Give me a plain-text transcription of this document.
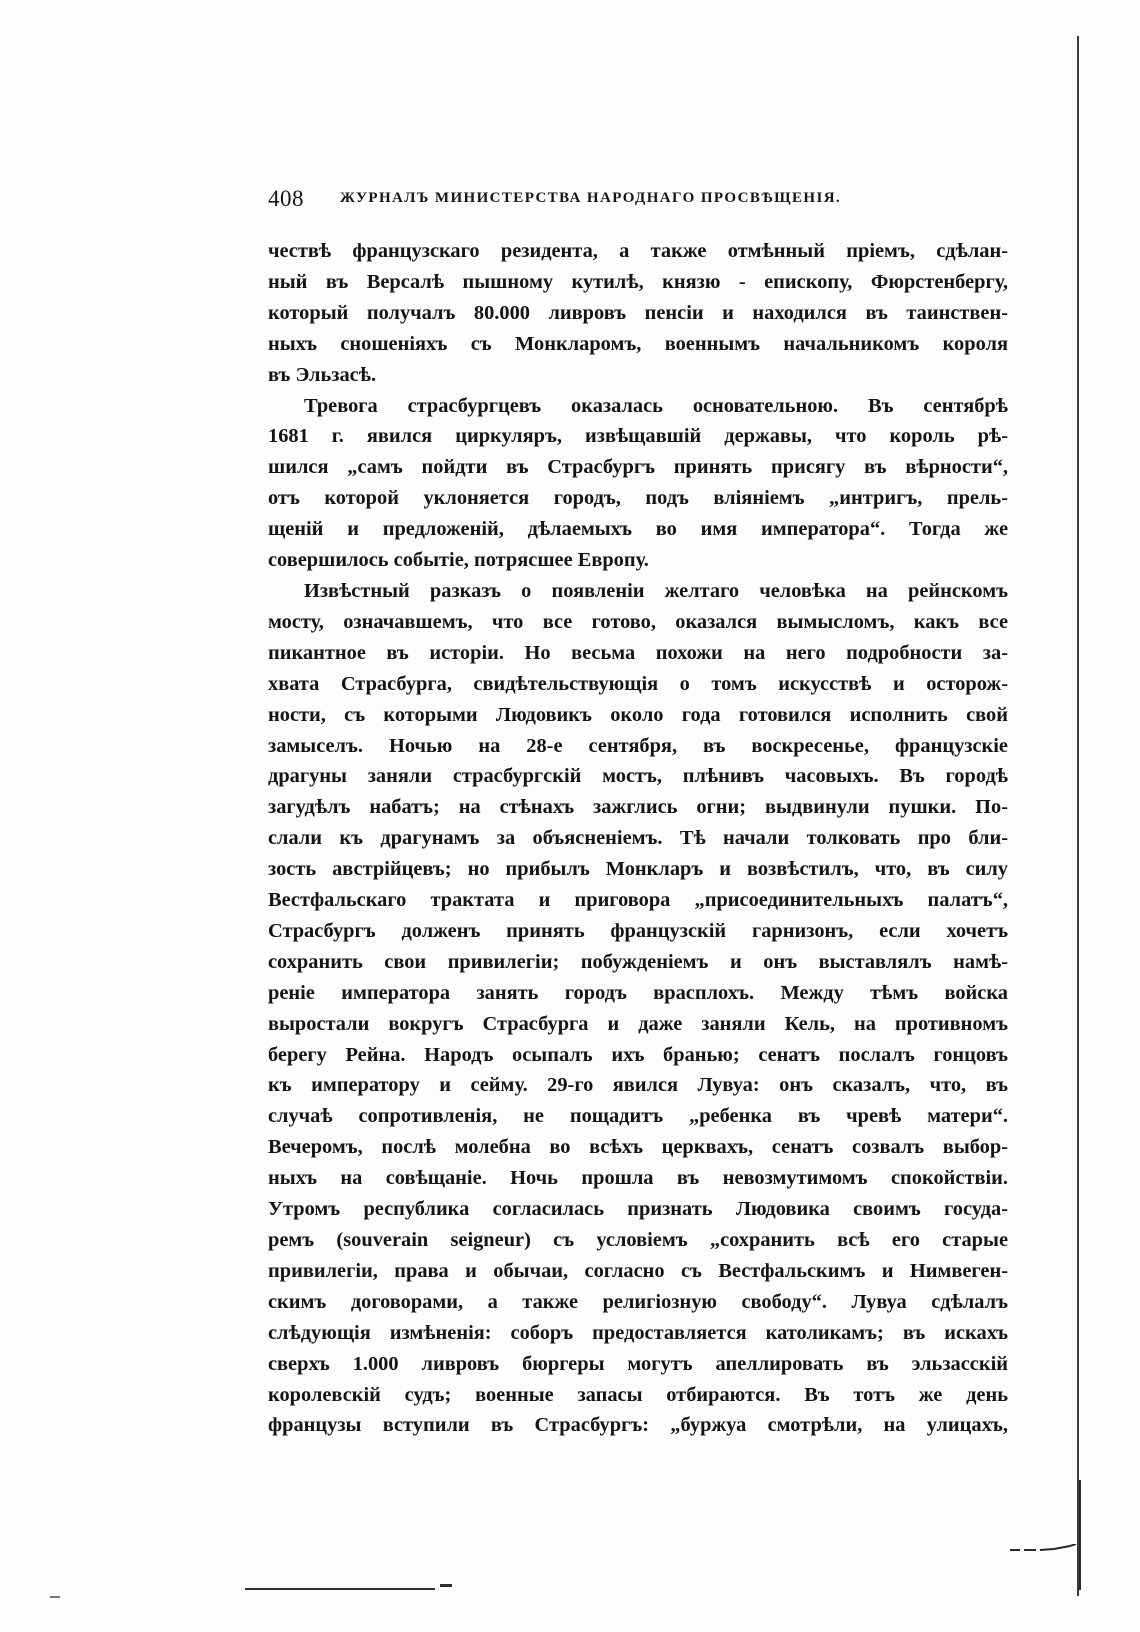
408 ЖУРНАЛЪ МИНИСТЕРСТВА НАРОДНАГО ПРОСВѢЩЕНІЯ.
чествѣ французскаго резидента, а также отмѣнный пріемъ, сдѣлан-
ный въ Версалѣ пышному кутилѣ, князю - епископу, Фюрстенбергу,
который получалъ 80.000 ливровъ пенсіи и находился въ таинствен-
ныхъ сношеніяхъ съ Монкларомъ, военнымъ начальникомъ короля
въ Эльзасѣ.
Тревога страсбургцевъ оказалась основательною. Въ сентябрѣ
1681 г. явился циркуляръ, извѣщавшій державы, что король рѣ-
шился „самъ пойдти въ Страсбургъ принять присягу въ вѣрности“,
отъ которой уклоняется городъ, подъ вліяніемъ „интригъ, прель-
щеній и предложеній, дѣлаемыхъ во имя императора“. Тогда же
совершилось событіе, потрясшее Европу.
Извѣстный разказъ о появленіи желтаго человѣка на рейнскомъ
мосту, означавшемъ, что все готово, оказался вымысломъ, какъ все
пикантное въ исторіи. Но весьма похожи на него подробности за-
хвата Страсбурга, свидѣтельствующія о томъ искусствѣ и осторож-
ности, съ которыми Людовикъ около года готовился исполнить свой
замыселъ. Ночью на 28-е сентября, въ воскресенье, французскіе
драгуны заняли страсбургскій мостъ, плѣнивъ часовыхъ. Въ городѣ
загудѣлъ набатъ; на стѣнахъ зажглись огни; выдвинули пушки. По-
слали къ драгунамъ за объясненіемъ. Тѣ начали толковать про бли-
зость австрійцевъ; но прибылъ Монкларъ и возвѣстилъ, что, въ силу
Вестфальскаго трактата и приговора „присоединительныхъ палатъ“,
Страсбургъ долженъ принять французскій гарнизонъ, если хочетъ
сохранить свои привилегіи; побужденіемъ и онъ выставлялъ намѣ-
реніе императора занять городъ врасплохъ. Между тѣмъ войска
выростали вокругъ Страсбурга и даже заняли Кель, на противномъ
берегу Рейна. Народъ осыпалъ ихъ бранью; сенатъ послалъ гонцовъ
къ императору и сейму. 29-го явился Лувуа: онъ сказалъ, что, въ
случаѣ сопротивленія, не пощадитъ „ребенка въ чревѣ матери“.
Вечеромъ, послѣ молебна во всѣхъ церквахъ, сенатъ созвалъ выбор-
ныхъ на совѣщаніе. Ночь прошла въ невозмутимомъ спокойствіи.
Утромъ республика согласилась признать Людовика своимъ госуда-
ремъ (souverain seigneur) съ условіемъ „сохранить всѣ его старые
привилегіи, права и обычаи, согласно съ Вестфальскимъ и Нимвеген-
скимъ договорами, а также религіозную свободу“. Лувуа сдѣлалъ
слѣдующія измѣненія: соборъ предоставляется католикамъ; въ искахъ
сверхъ 1.000 ливровъ бюргеры могутъ апеллировать въ эльзасскій
королевскій судъ; военные запасы отбираются. Въ тотъ же день
французы вступили въ Страсбургъ: „буржуа смотрѣли, на улицахъ,
